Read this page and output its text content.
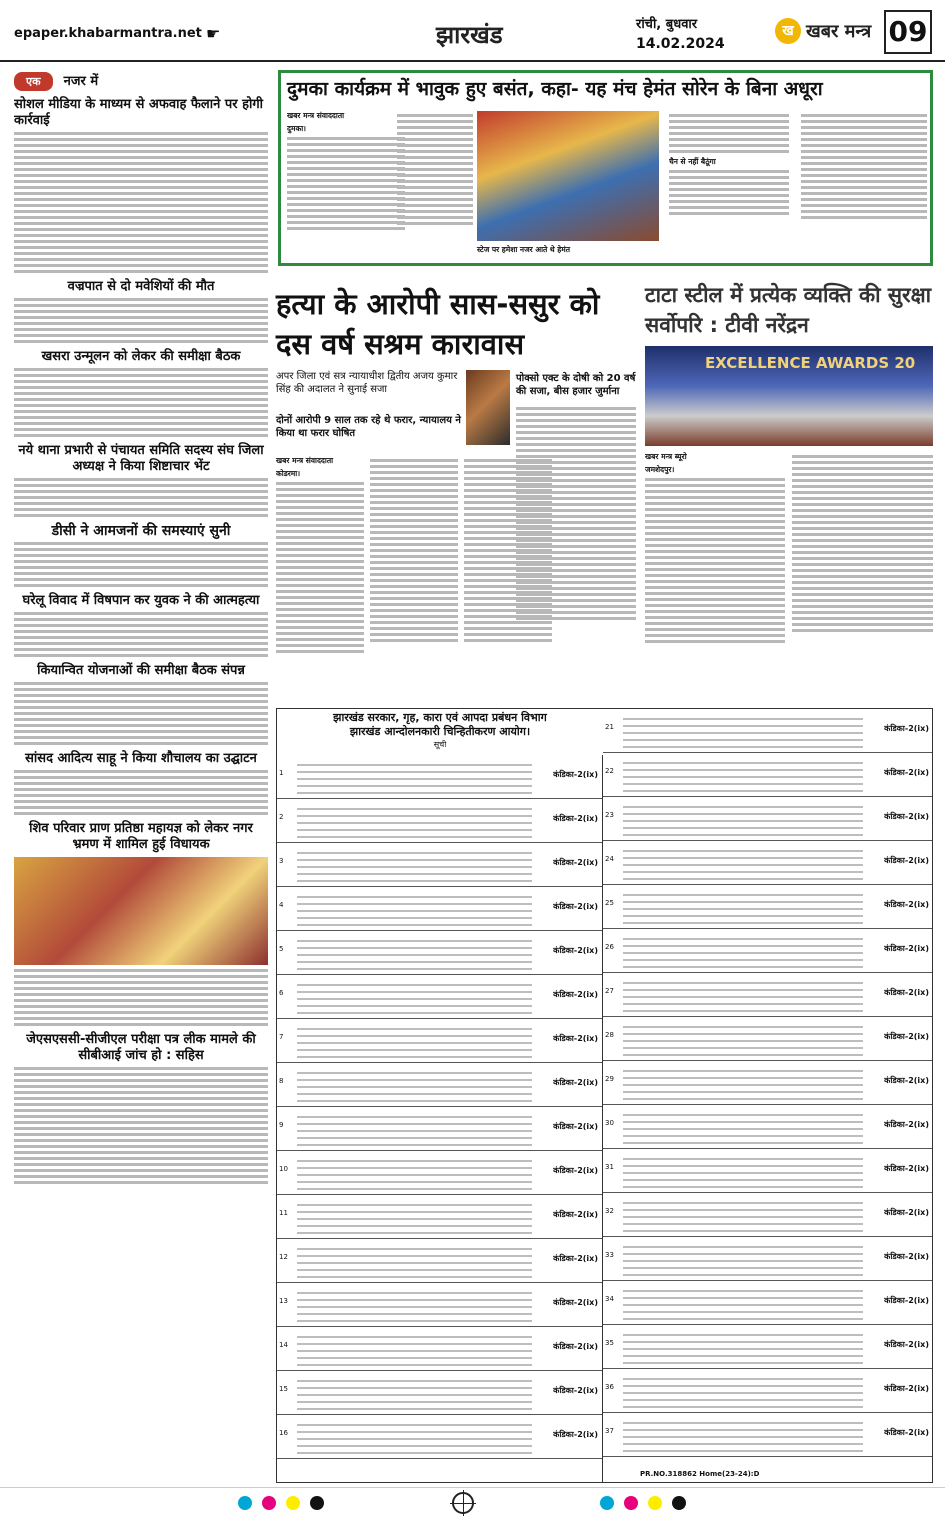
epaper.khabarmantra.net ☛	झारखंड	रांची, बुधवार
14.02.2024
ख खबर मन्त्र 09
एक नजर में
सोशल मीडिया के माध्यम से अफवाह फैलाने पर होगी कार्रवाई
वज्रपात से दो मवेशियों की मौत
खसरा उन्मूलन को लेकर की समीक्षा बैठक
नये थाना प्रभारी से पंचायत समिति सदस्य संघ जिला अध्यक्ष ने किया शिष्टाचार भेंट
डीसी ने आमजनों की समस्याएं सुनी
घरेलू विवाद में विषपान कर युवक ने की आत्महत्या
कियान्वित योजनाओं की समीक्षा बैठक संपन्न
सांसद आदित्य साहू ने किया शौचालय का उद्घाटन
शिव परिवार प्राण प्रतिष्ठा महायज्ञ को लेकर नगर भ्रमण में शामिल हुई विधायक
जेएसएससी-सीजीएल परीक्षा पत्र लीक मामले की सीबीआई जांच हो : सहिस
दुमका कार्यक्रम में भावुक हुए बसंत, कहा- यह मंच हेमंत सोरेन के बिना अधूरा
खबर मन्त्र संवाददाता
दुमका।
स्टेज पर हमेशा नजर आते थे हेमंत
चैन से नहीं बैठूंगा
हत्या के आरोपी सास-ससुर को दस वर्ष सश्रम कारावास
अपर जिला एवं सत्र न्यायाधीश द्वितीय अजय कुमार सिंह की अदालत ने सुनाई सजा
दोनों आरोपी 9 साल तक रहे थे फरार, न्यायालय ने किया था फरार घोषित
पोक्सो एक्ट के दोषी को 20 वर्ष की सजा, बीस हजार जुर्माना
खबर मन्त्र संवाददाता
कोडरमा।
टाटा स्टील में प्रत्येक व्यक्ति की सुरक्षा सर्वोपरि : टीवी नरेंद्रन
EXCELLENCE AWARDS 20
खबर मन्त्र ब्यूरो
जमशेदपुर।
झारखंड सरकार, गृह, कारा एवं आपदा प्रबंधन विभाग
झारखंड आन्दोलनकारी चिन्हितीकरण आयोग।
सूची
1	कंडिका-2(ix)
2	कंडिका-2(ix)
3	कंडिका-2(ix)
4	कंडिका-2(ix)
5	कंडिका-2(ix)
6	कंडिका-2(ix)
7	कंडिका-2(ix)
8	कंडिका-2(ix)
9	कंडिका-2(ix)
10	कंडिका-2(ix)
11	कंडिका-2(ix)
12	कंडिका-2(ix)
13	कंडिका-2(ix)
14	कंडिका-2(ix)
15	कंडिका-2(ix)
16	कंडिका-2(ix)
21	कंडिका-2(ix)
22	कंडिका-2(ix)
23	कंडिका-2(ix)
24	कंडिका-2(ix)
25	कंडिका-2(ix)
26	कंडिका-2(ix)
27	कंडिका-2(ix)
28	कंडिका-2(ix)
29	कंडिका-2(ix)
30	कंडिका-2(ix)
31	कंडिका-2(ix)
32	कंडिका-2(ix)
33	कंडिका-2(ix)
34	कंडिका-2(ix)
35	कंडिका-2(ix)
36	कंडिका-2(ix)
37	कंडिका-2(ix)
PR.NO.318862 Home(23-24):D
